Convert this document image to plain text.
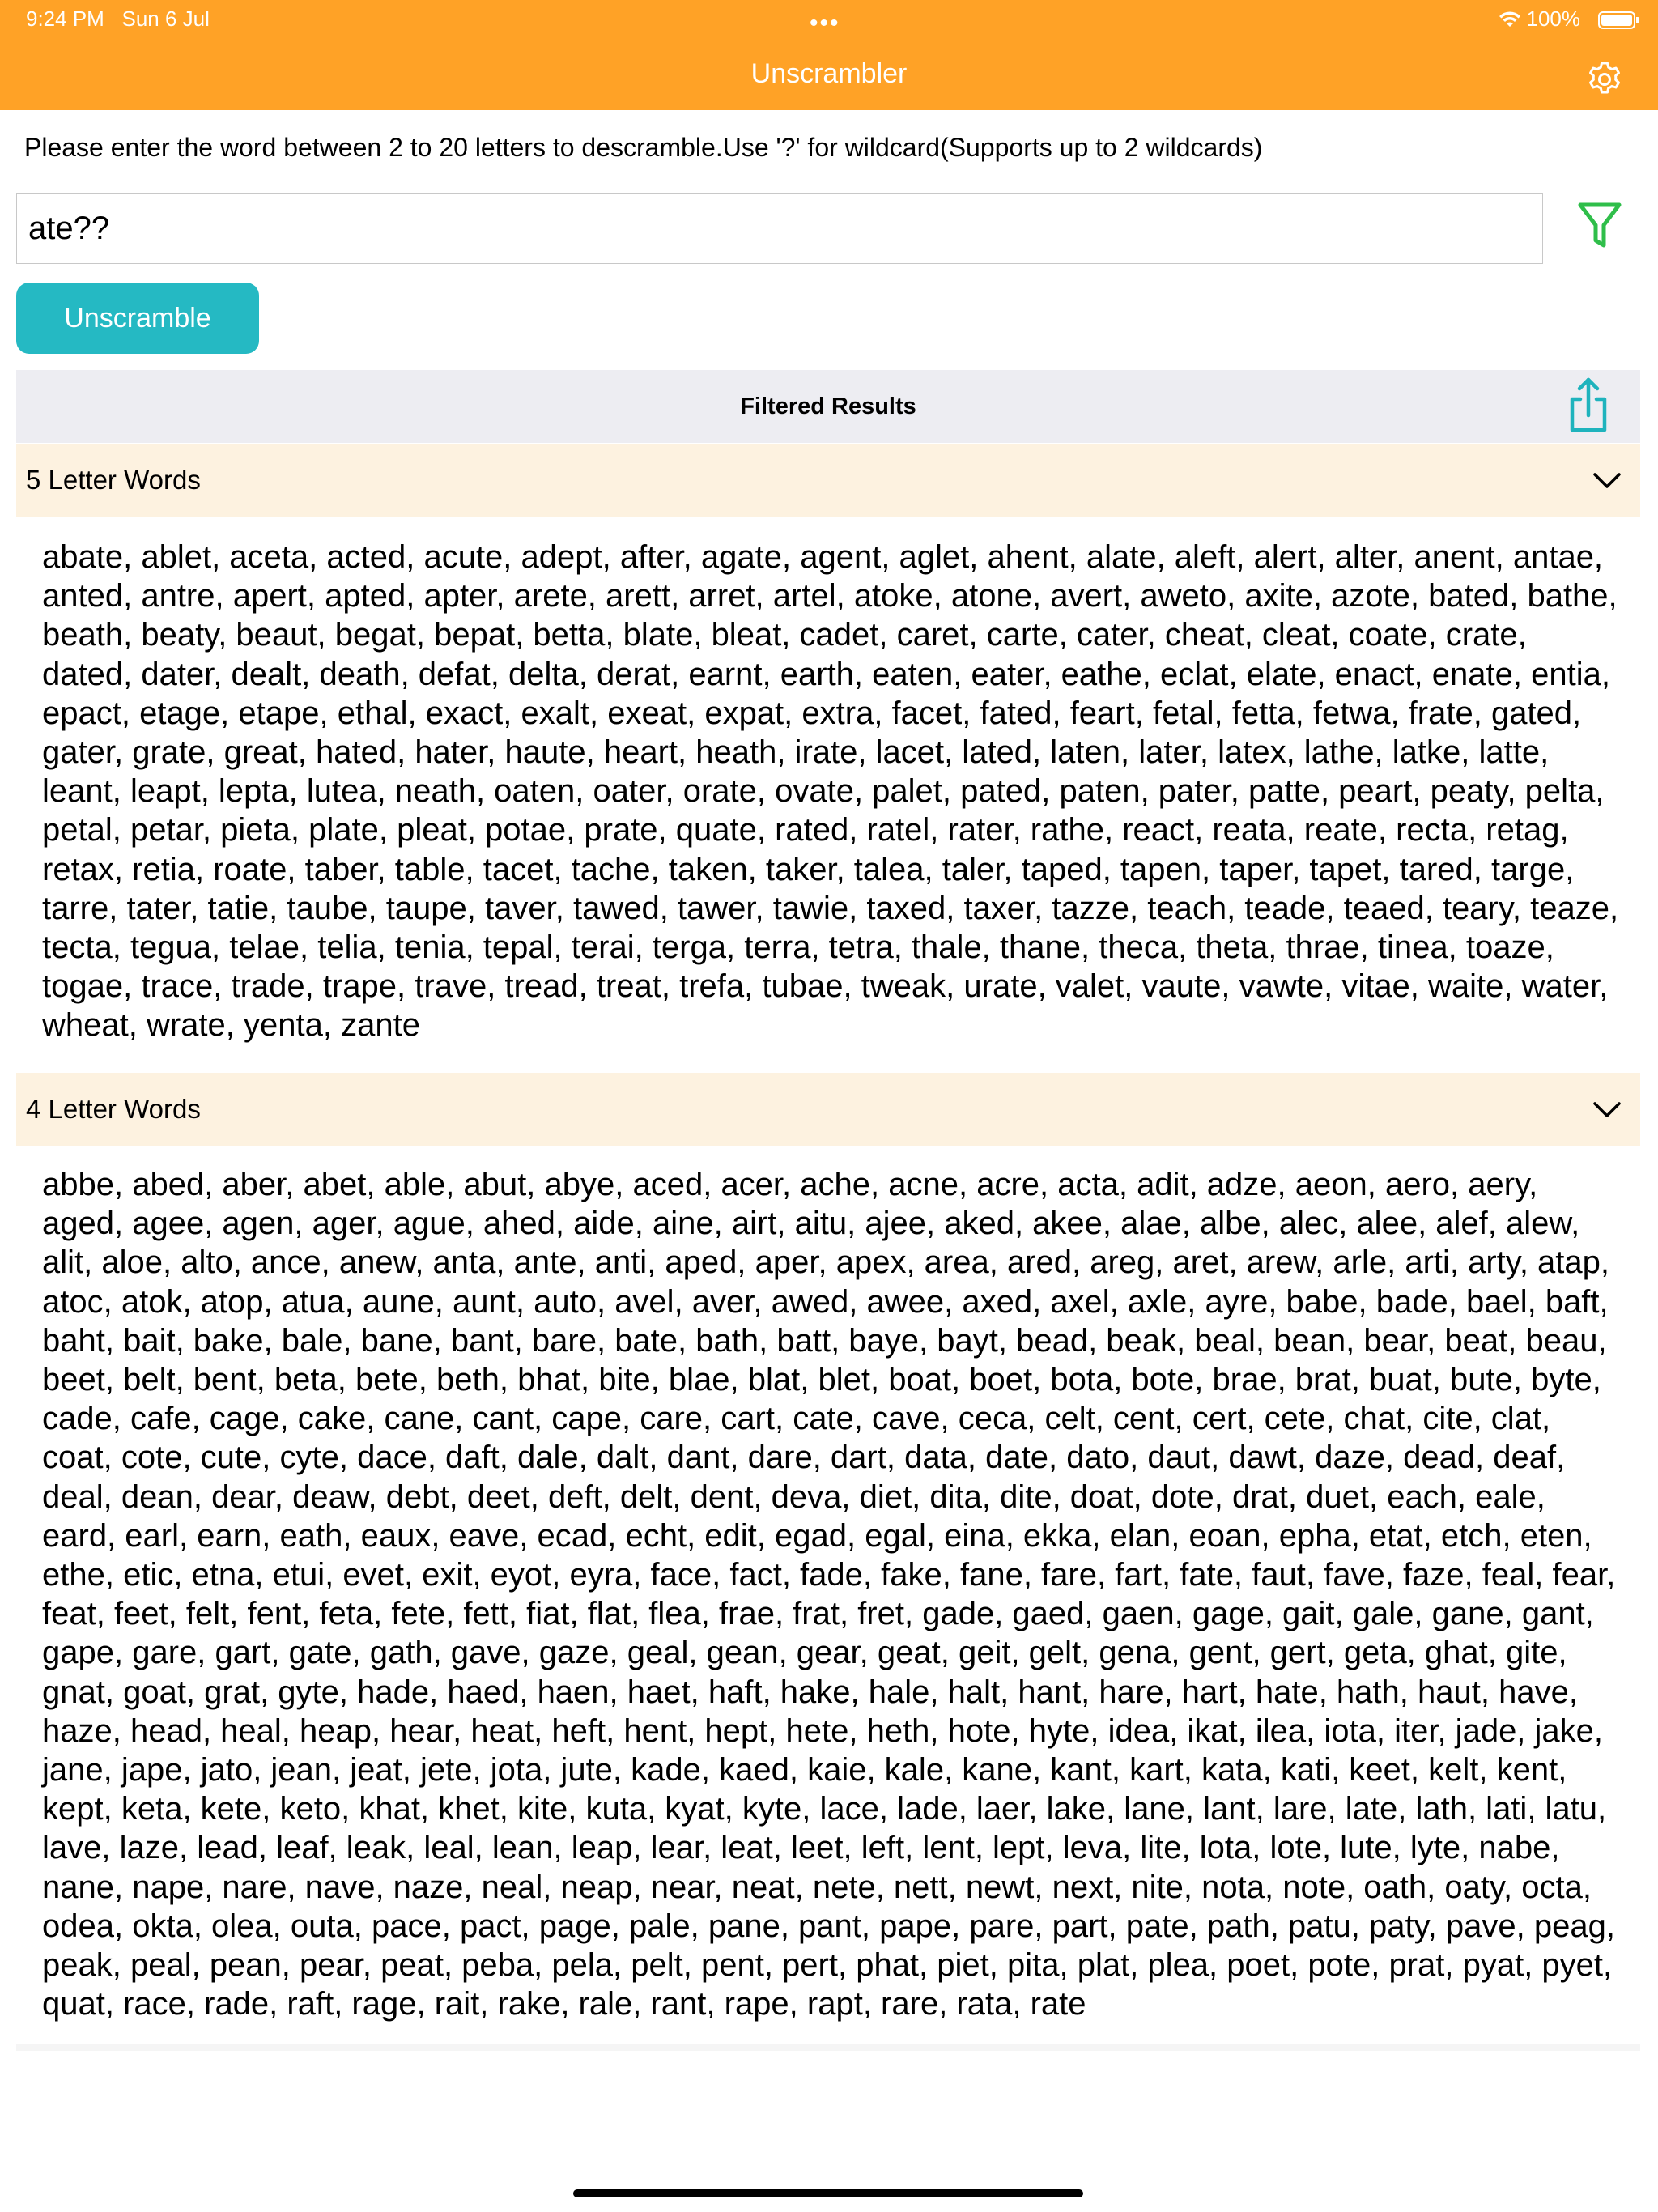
9:24 PM Sun 6 Jul	•••	100%
Unscrambler
Please enter the word between 2 to 20 letters to descramble.Use '?' for wildcard(Supports up to 2 wildcards)
ate??
Unscramble
Filtered Results
5 Letter Words
abate, ablet, aceta, acted, acute, adept, after, agate, agent, aglet, ahent, alate, aleft, alert, alter, anent, antae, anted, antre, apert, apted, apter, arete, arett, arret, artel, atoke, atone, avert, aweto, axite, azote, bated, bathe, beath, beaty, beaut, begat, bepat, betta, blate, bleat, cadet, caret, carte, cater, cheat, cleat, coate, crate, dated, dater, dealt, death, defat, delta, derat, earnt, earth, eaten, eater, eathe, eclat, elate, enact, enate, entia, epact, etage, etape, ethal, exact, exalt, exeat, expat, extra, facet, fated, feart, fetal, fetta, fetwa, frate, gated, gater, grate, great, hated, hater, haute, heart, heath, irate, lacet, lated, laten, later, latex, lathe, latke, latte, leant, leapt, lepta, lutea, neath, oaten, oater, orate, ovate, palet, pated, paten, pater, patte, peart, peaty, pelta, petal, petar, pieta, plate, pleat, potae, prate, quate, rated, ratel, rater, rathe, react, reata, reate, recta, retag, retax, retia, roate, taber, table, tacet, tache, taken, taker, talea, taler, taped, tapen, taper, tapet, tared, targe, tarre, tater, tatie, taube, taupe, taver, tawed, tawer, tawie, taxed, taxer, tazze, teach, teade, teaed, teary, teaze, tecta, tegua, telae, telia, tenia, tepal, terai, terga, terra, tetra, thale, thane, theca, theta, thrae, tinea, toaze, togae, trace, trade, trape, trave, tread, treat, trefa, tubae, tweak, urate, valet, vaute, vawte, vitae, waite, water, wheat, wrate, yenta, zante
4 Letter Words
abbe, abed, aber, abet, able, abut, abye, aced, acer, ache, acne, acre, acta, adit, adze, aeon, aero, aery, aged, agee, agen, ager, ague, ahed, aide, aine, airt, aitu, ajee, aked, akee, alae, albe, alec, alee, alef, alew, alit, aloe, alto, ance, anew, anta, ante, anti, aped, aper, apex, area, ared, areg, aret, arew, arle, arti, arty, atap, atoc, atok, atop, atua, aune, aunt, auto, avel, aver, awed, awee, axed, axel, axle, ayre, babe, bade, bael, baft, baht, bait, bake, bale, bane, bant, bare, bate, bath, batt, baye, bayt, bead, beak, beal, bean, bear, beat, beau, beet, belt, bent, beta, bete, beth, bhat, bite, blae, blat, blet, boat, boet, bota, bote, brae, brat, buat, bute, byte, cade, cafe, cage, cake, cane, cant, cape, care, cart, cate, cave, ceca, celt, cent, cert, cete, chat, cite, clat, coat, cote, cute, cyte, dace, daft, dale, dalt, dant, dare, dart, data, date, dato, daut, dawt, daze, dead, deaf, deal, dean, dear, deaw, debt, deet, deft, delt, dent, deva, diet, dita, dite, doat, dote, drat, duet, each, eale, eard, earl, earn, eath, eaux, eave, ecad, echt, edit, egad, egal, eina, ekka, elan, eoan, epha, etat, etch, eten, ethe, etic, etna, etui, evet, exit, eyot, eyra, face, fact, fade, fake, fane, fare, fart, fate, faut, fave, faze, feal, fear, feat, feet, felt, fent, feta, fete, fett, fiat, flat, flea, frae, frat, fret, gade, gaed, gaen, gage, gait, gale, gane, gant, gape, gare, gart, gate, gath, gave, gaze, geal, gean, gear, geat, geit, gelt, gena, gent, gert, geta, ghat, gite, gnat, goat, grat, gyte, hade, haed, haen, haet, haft, hake, hale, halt, hant, hare, hart, hate, hath, haut, have, haze, head, heal, heap, hear, heat, heft, hent, hept, hete, heth, hote, hyte, idea, ikat, ilea, iota, iter, jade, jake, jane, jape, jato, jean, jeat, jete, jota, jute, kade, kaed, kaie, kale, kane, kant, kart, kata, kati, keet, kelt, kent, kept, keta, kete, keto, khat, khet, kite, kuta, kyat, kyte, lace, lade, laer, lake, lane, lant, lare, late, lath, lati, latu, lave, laze, lead, leaf, leak, leal, lean, leap, lear, leat, leet, left, lent, lept, leva, lite, lota, lote, lute, lyte, nabe, nane, nape, nare, nave, naze, neal, neap, near, neat, nete, nett, newt, next, nite, nota, note, oath, oaty, octa, odea, okta, olea, outa, pace, pact, page, pale, pane, pant, pape, pare, part, pate, path, patu, paty, pave, peag, peak, peal, pean, pear, peat, peba, pela, pelt, pent, pert, phat, piet, pita, plat, plea, poet, pote, prat, pyat, pyet, quat, race, rade, raft, rage, rait, rake, rale, rant, rape, rapt, rare, rata, rate
